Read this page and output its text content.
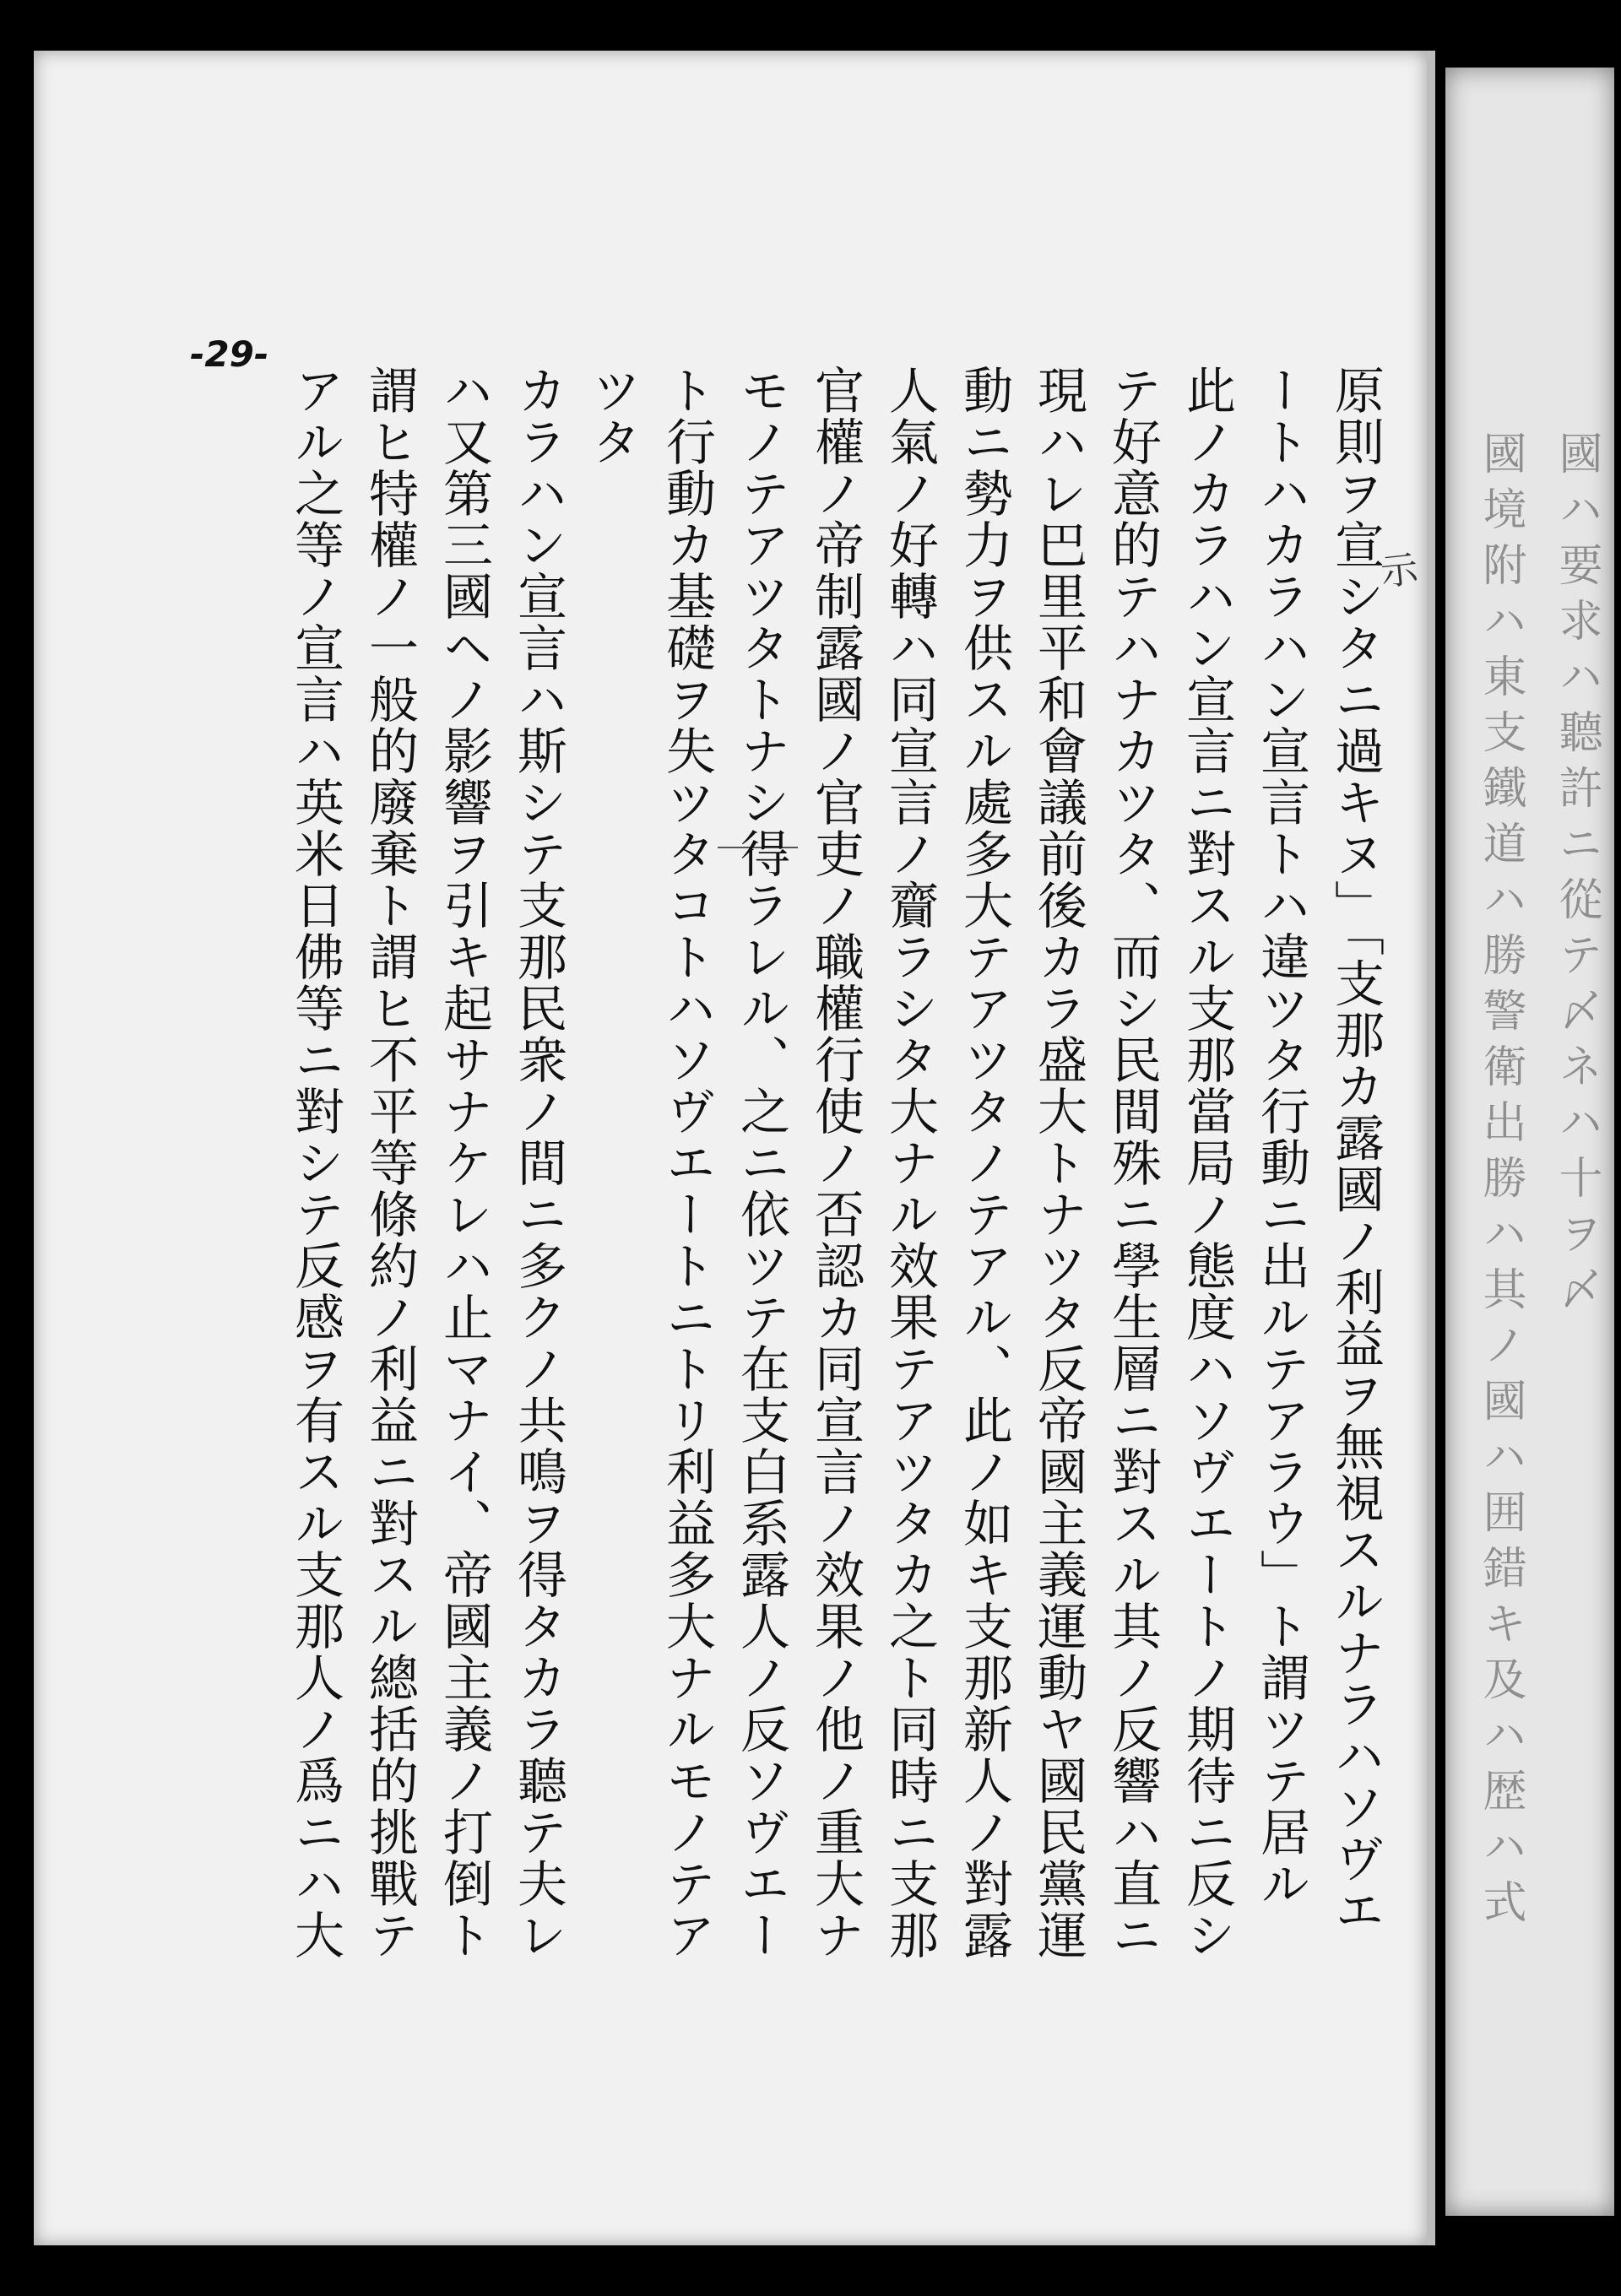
國ハ要求ハ聽許ニ從テ〆ネハ十ヲ〆
國境附ハ東支鐵道ハ勝警衛出勝ハ其ノ國ハ囲錯キ及ハ歴ハ式
-29-
示
原則ヲ宣シタニ過キヌ」「支那カ露國ノ利益ヲ無視スルナラハソヴエ
ートハカラハン宣言トハ違ツタ行動ニ出ルテアラウ」ト謂ツテ居ル
此ノカラハン宣言ニ對スル支那當局ノ態度ハソヴエートノ期待ニ反シ
テ好意的テハナカツタ、而シ民間殊ニ學生層ニ對スル其ノ反響ハ直ニ
現ハレ巴里平和會議前後カラ盛大トナツタ反帝國主義運動ヤ國民黨運
動ニ勢力ヲ供スル處多大テアツタノテアル、此ノ如キ支那新人ノ對露
人氣ノ好轉ハ同宣言ノ齎ラシタ大ナル效果テアツタカ之ト同時ニ支那
官權ノ帝制露國ノ官吏ノ職權行使ノ否認カ同宣言ノ效果ノ他ノ重大ナ
モノテアツタトナシ得ラレル、之ニ依ツテ在支白系露人ノ反ソヴエー
ト行動カ基礎ヲ失ツタコトハソヴエートニトリ利益多大ナルモノテア
ツタ
カラハン宣言ハ斯シテ支那民衆ノ間ニ多クノ共鳴ヲ得タカラ聽テ夫レ
ハ又第三國ヘノ影響ヲ引キ起サナケレハ止マナイ、帝國主義ノ打倒ト
謂ヒ特權ノ一般的廢棄ト謂ヒ不平等條約ノ利益ニ對スル總括的挑戰テ
アル之等ノ宣言ハ英米日佛等ニ對シテ反感ヲ有スル支那人ノ爲ニハ大
